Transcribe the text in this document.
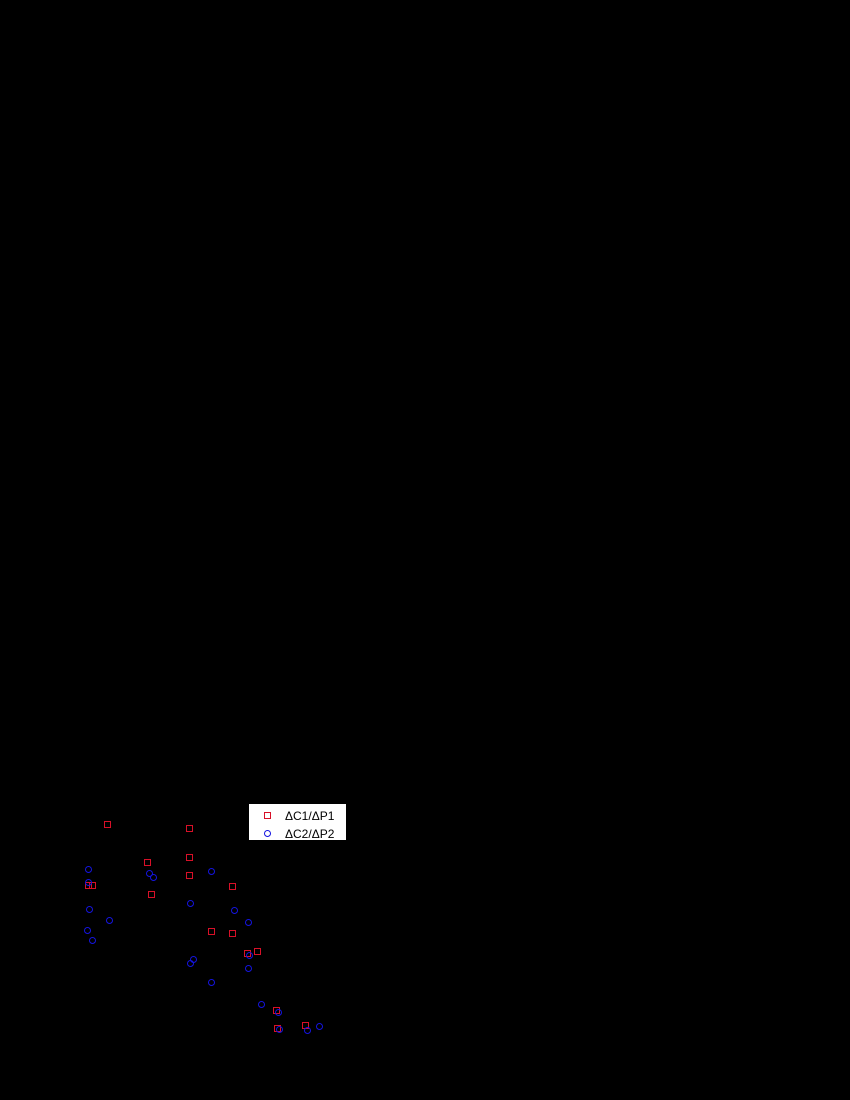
ΔC1/ΔP1
ΔC2/ΔP2
